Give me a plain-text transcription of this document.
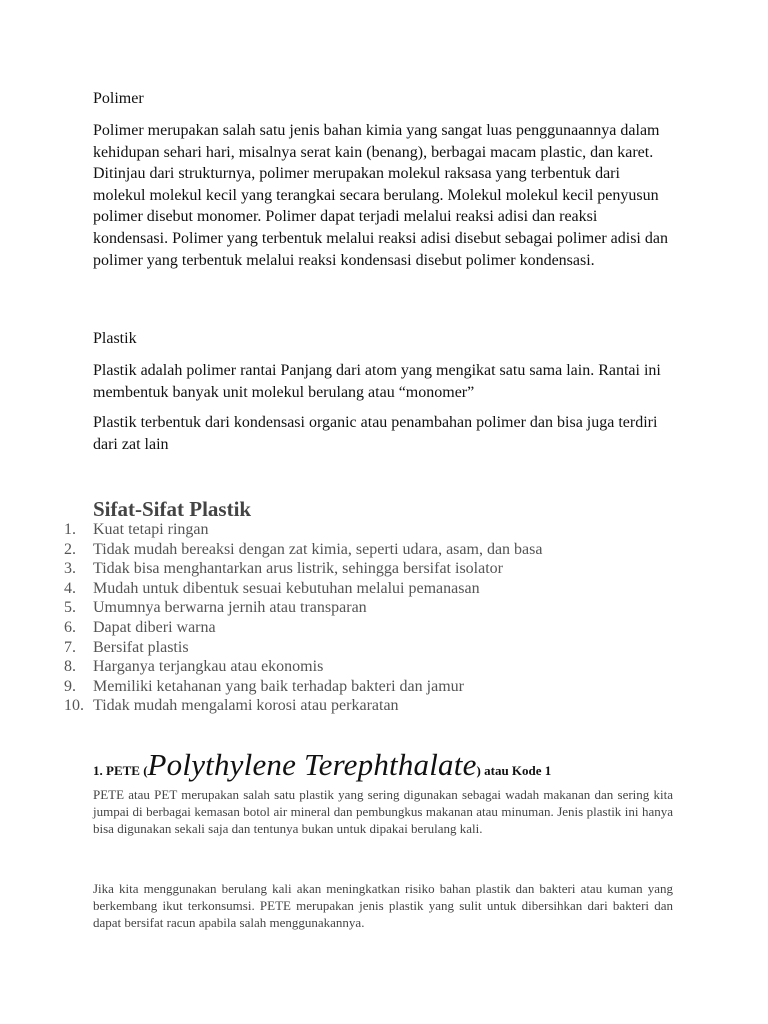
Polimer

Polimer merupakan salah satu jenis bahan kimia yang sangat luas penggunaannya dalam kehidupan sehari hari, misalnya serat kain (benang), berbagai macam plastic, dan karet. Ditinjau dari strukturnya, polimer merupakan molekul raksasa yang terbentuk dari molekul molekul kecil yang terangkai secara berulang. Molekul molekul kecil penyusun polimer disebut monomer. Polimer dapat terjadi melalui reaksi adisi dan reaksi kondensasi. Polimer yang terbentuk melalui reaksi adisi disebut sebagai polimer adisi dan polimer yang terbentuk melalui reaksi kondensasi disebut polimer kondensasi.

Plastik

Plastik adalah polimer rantai Panjang dari atom yang mengikat satu sama lain. Rantai ini membentuk banyak unit molekul berulang atau “monomer”

Plastik terbentuk dari kondensasi organic atau penambahan polimer dan bisa juga terdiri dari zat lain

Sifat-Sifat Plastik
1.	Kuat tetapi ringan
2.	Tidak mudah bereaksi dengan zat kimia, seperti udara, asam, dan basa
3.	Tidak bisa menghantarkan arus listrik, sehingga bersifat isolator
4.	Mudah untuk dibentuk sesuai kebutuhan melalui pemanasan
5.	Umumnya berwarna jernih atau transparan
6.	Dapat diberi warna
7.	Bersifat plastis
8.	Harganya terjangkau atau ekonomis
9.	Memiliki ketahanan yang baik terhadap bakteri dan jamur
10. Tidak mudah mengalami korosi atau perkaratan
1. PETE (Polythylene Terephthalate) atau Kode 1

PETE atau PET merupakan salah satu plastik yang sering digunakan sebagai wadah makanan dan sering kita jumpai di berbagai kemasan botol air mineral dan pembungkus makanan atau minuman. Jenis plastik ini hanya bisa digunakan sekali saja dan tentunya bukan untuk dipakai berulang kali.

Jika kita menggunakan berulang kali akan meningkatkan risiko bahan plastik dan bakteri atau kuman yang berkembang ikut terkonsumsi. PETE merupakan jenis plastik yang sulit untuk dibersihkan dari bakteri dan dapat bersifat racun apabila salah menggunakannya.
